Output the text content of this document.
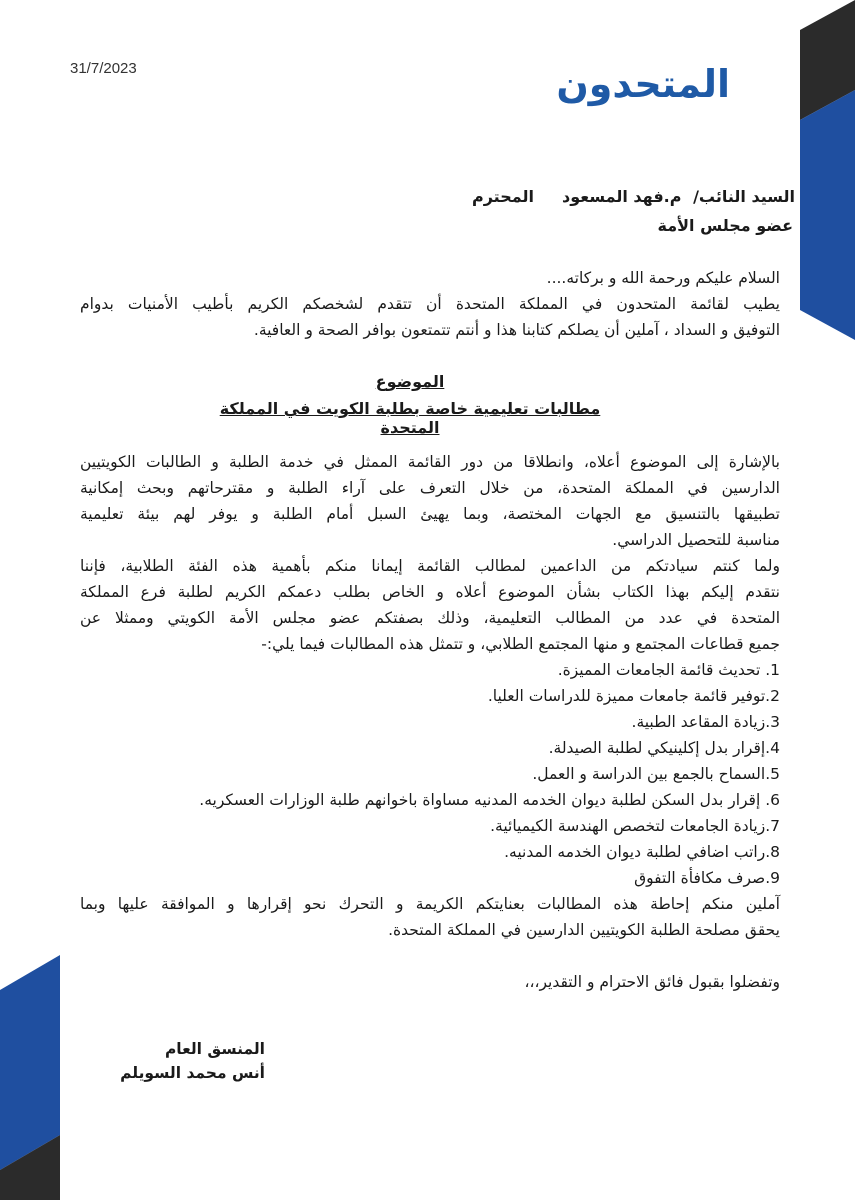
31/7/2023	المتحدون
السيد النائب/ م.فهد المسعود
المحترم
عضو مجلس الأمة
السلام عليكم ورحمة الله و بركاته....
يطيب لقائمة المتحدون في المملكة المتحدة أن تتقدم لشخصكم الكريم بأطيب الأمنيات بدوام
التوفيق و السداد ، آملين أن يصلكم كتابنا هذا و أنتم تتمتعون بوافر الصحة و العافية.
الموضوع
مطالبات تعليمية خاصة بطلبة الكويت في المملكة المتحدة
بالإشارة إلى الموضوع أعلاه، وانطلاقا من دور القائمة الممثل في خدمة الطلبة و الطالبات الكويتيين
الدارسين في المملكة المتحدة، من خلال التعرف على آراء الطلبة و مقترحاتهم وبحث إمكانية
تطبيقها بالتنسيق مع الجهات المختصة، وبما يهيئ السبل أمام الطلبة و يوفر لهم بيئة تعليمية
مناسبة للتحصيل الدراسي.
ولما كنتم سيادتكم من الداعمين لمطالب القائمة إيمانا منكم بأهمية هذه الفئة الطلابية، فإننا
نتقدم إليكم بهذا الكتاب بشأن الموضوع أعلاه و الخاص بطلب دعمكم الكريم لطلبة فرع المملكة
المتحدة في عدد من المطالب التعليمية، وذلك بصفتكم عضو مجلس الأمة الكويتي وممثلا عن
جميع قطاعات المجتمع و منها المجتمع الطلابي، و تتمثل هذه المطالبات فيما يلي:-
1. تحديث قائمة الجامعات المميزة.
2.توفير قائمة جامعات مميزة للدراسات العليا.
3.زيادة المقاعد الطبية.
4.إقرار بدل إكلينيكي لطلبة الصيدلة.
5.السماح بالجمع بين الدراسة و العمل.
6. إقرار بدل السكن لطلبة ديوان الخدمه المدنيه مساواة باخوانهم طلبة الوزارات العسكريه.
7.زيادة الجامعات لتخصص الهندسة الكيميائية.
8.راتب اضافي لطلبة ديوان الخدمه المدنيه.
9.صرف مكافأة التفوق
آملين منكم إحاطة هذه المطالبات بعنايتكم الكريمة و التحرك نحو إقرارها و الموافقة عليها وبما
يحقق مصلحة الطلبة الكويتيين الدارسين في المملكة المتحدة.
وتفضلوا بقبول فائق الاحترام و التقدير،،،
المنسق العام
أنس محمد السويلم
